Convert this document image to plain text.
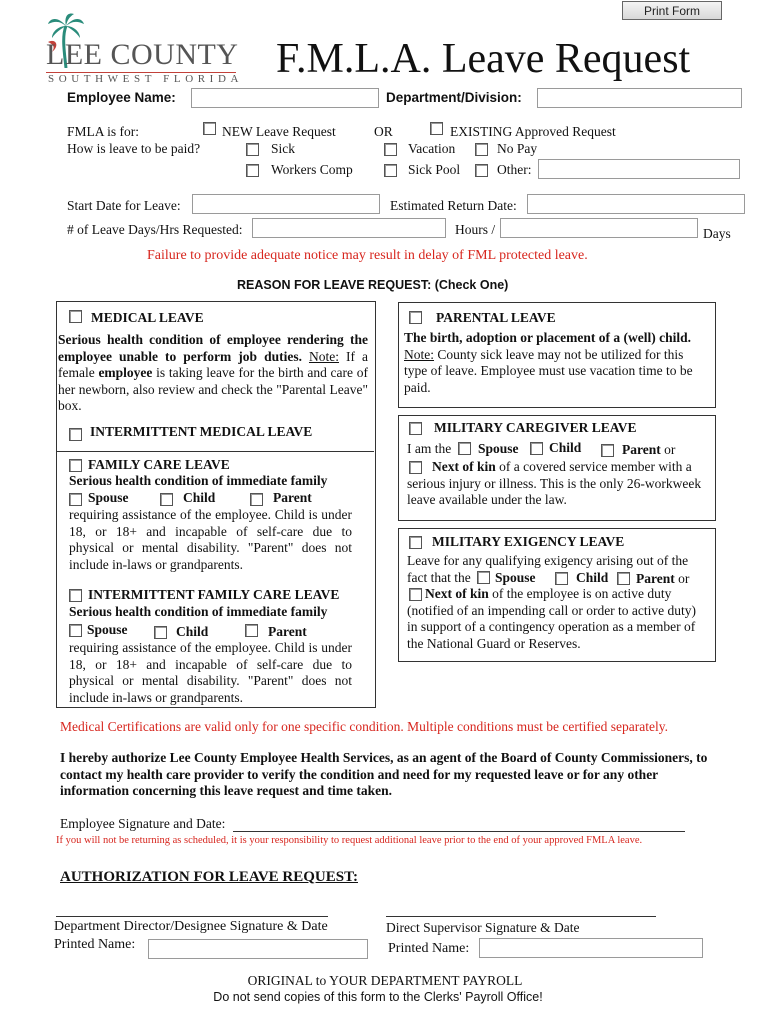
Print Form
LEE COUNTY
SOUTHWEST FLORIDA F.M.L.A. Leave Request
Employee Name:	Department/Division:
FMLA is for:	NEW Leave Request	OR	EXISTING Approved Request
How is leave to be paid?	Sick	Vacation	No Pay
Workers Comp	Sick Pool	Other:
Start Date for Leave:	Estimated Return Date:
# of Leave Days/Hrs Requested:	Hours /	Days
Failure to provide adequate notice may result in delay of FML protected leave.
REASON FOR LEAVE REQUEST: (Check One)
MEDICAL LEAVE
Serious health condition of employee rendering the employee unable to perform job duties. Note: If a female employee is taking leave for the birth and care of her newborn, also review and check the "Parental Leave" box.
INTERMITTENT MEDICAL LEAVE
FAMILY CARE LEAVE
Serious health condition of immediate family
Spouse	Child	Parent
requiring assistance of the employee. Child is under 18, or 18+ and incapable of self-care due to physical or mental disability. "Parent" does not include in-laws or grandparents.
INTERMITTENT FAMILY CARE LEAVE
Serious health condition of immediate family
Spouse	Child	Parent
requiring assistance of the employee. Child is under 18, or 18+ and incapable of self-care due to physical or mental disability. "Parent" does not include in-laws or grandparents.
PARENTAL LEAVE
The birth, adoption or placement of a (well) child.
Note: County sick leave may not be utilized for this type of leave. Employee must use vacation time to be paid.
MILITARY CAREGIVER LEAVE
I am the Spouse Child	Parent or
Next of kin of a covered service member with a serious injury or illness. This is the only 26-workweek leave available under the law.
MILITARY EXIGENCY LEAVE
Leave for any qualifying exigency arising out of the fact that the	Spouse	Child Parent or
Next of kin of the employee is on active duty (notified of an impending call or order to active duty) in support of a contingency operation as a member of the National Guard or Reserves.
Medical Certifications are valid only for one specific condition. Multiple conditions must be certified separately.
I hereby authorize Lee County Employee Health Services, as an agent of the Board of County Commissioners, to contact my health care provider to verify the condition and need for my requested leave or for any other information concerning this leave request and time taken.
Employee Signature and Date:
If you will not be returning as scheduled, it is your responsibility to request additional leave prior to the end of your approved FMLA leave.
AUTHORIZATION FOR LEAVE REQUEST:
Department Director/Designee Signature & Date
Printed Name:
Direct Supervisor Signature & Date
Printed Name:
ORIGINAL to YOUR DEPARTMENT PAYROLL
Do not send copies of this form to the Clerks' Payroll Office!
